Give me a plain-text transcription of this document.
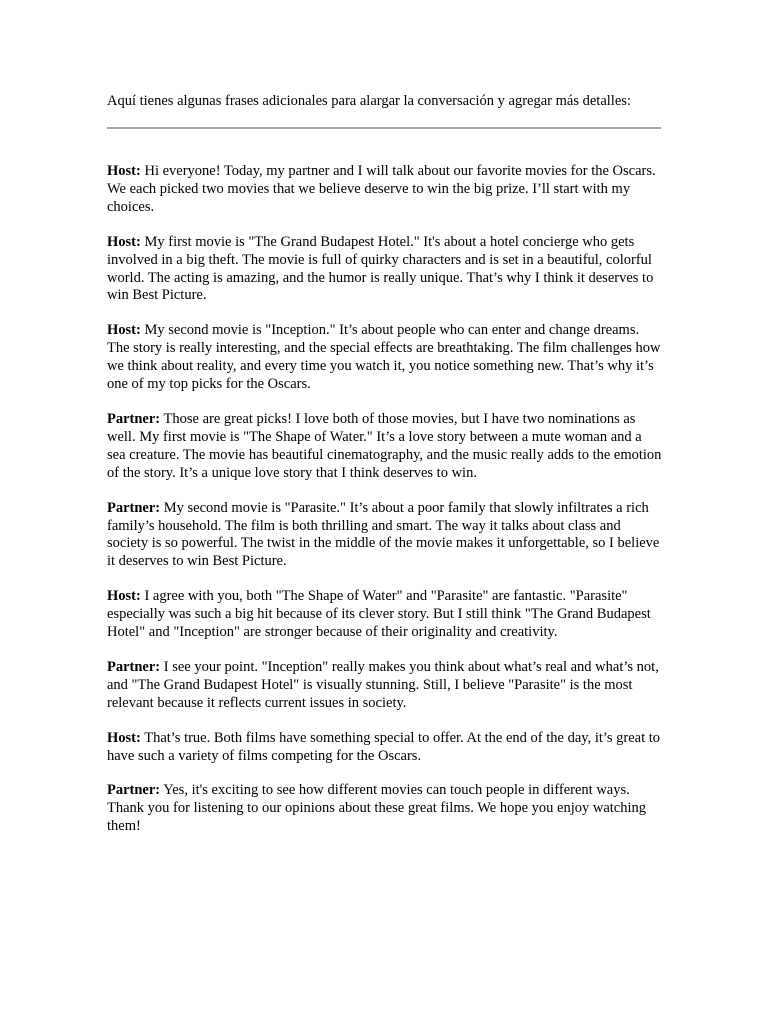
Aquí tienes algunas frases adicionales para alargar la conversación y agregar más detalles:

Host: Hi everyone! Today, my partner and I will talk about our favorite movies for the Oscars. We each picked two movies that we believe deserve to win the big prize. I’ll start with my choices.

Host: My first movie is "The Grand Budapest Hotel." It's about a hotel concierge who gets involved in a big theft. The movie is full of quirky characters and is set in a beautiful, colorful world. The acting is amazing, and the humor is really unique. That’s why I think it deserves to win Best Picture.

Host: My second movie is "Inception." It’s about people who can enter and change dreams. The story is really interesting, and the special effects are breathtaking. The film challenges how we think about reality, and every time you watch it, you notice something new. That’s why it’s one of my top picks for the Oscars.

Partner: Those are great picks! I love both of those movies, but I have two nominations as well. My first movie is "The Shape of Water." It’s a love story between a mute woman and a sea creature. The movie has beautiful cinematography, and the music really adds to the emotion of the story. It’s a unique love story that I think deserves to win.

Partner: My second movie is "Parasite." It’s about a poor family that slowly infiltrates a rich family’s household. The film is both thrilling and smart. The way it talks about class and society is so powerful. The twist in the middle of the movie makes it unforgettable, so I believe it deserves to win Best Picture.

Host: I agree with you, both "The Shape of Water" and "Parasite" are fantastic. "Parasite" especially was such a big hit because of its clever story. But I still think "The Grand Budapest Hotel" and "Inception" are stronger because of their originality and creativity.

Partner: I see your point. "Inception" really makes you think about what’s real and what’s not, and "The Grand Budapest Hotel" is visually stunning. Still, I believe "Parasite" is the most relevant because it reflects current issues in society.

Host: That’s true. Both films have something special to offer. At the end of the day, it’s great to have such a variety of films competing for the Oscars.

Partner: Yes, it's exciting to see how different movies can touch people in different ways. Thank you for listening to our opinions about these great films. We hope you enjoy watching them!
